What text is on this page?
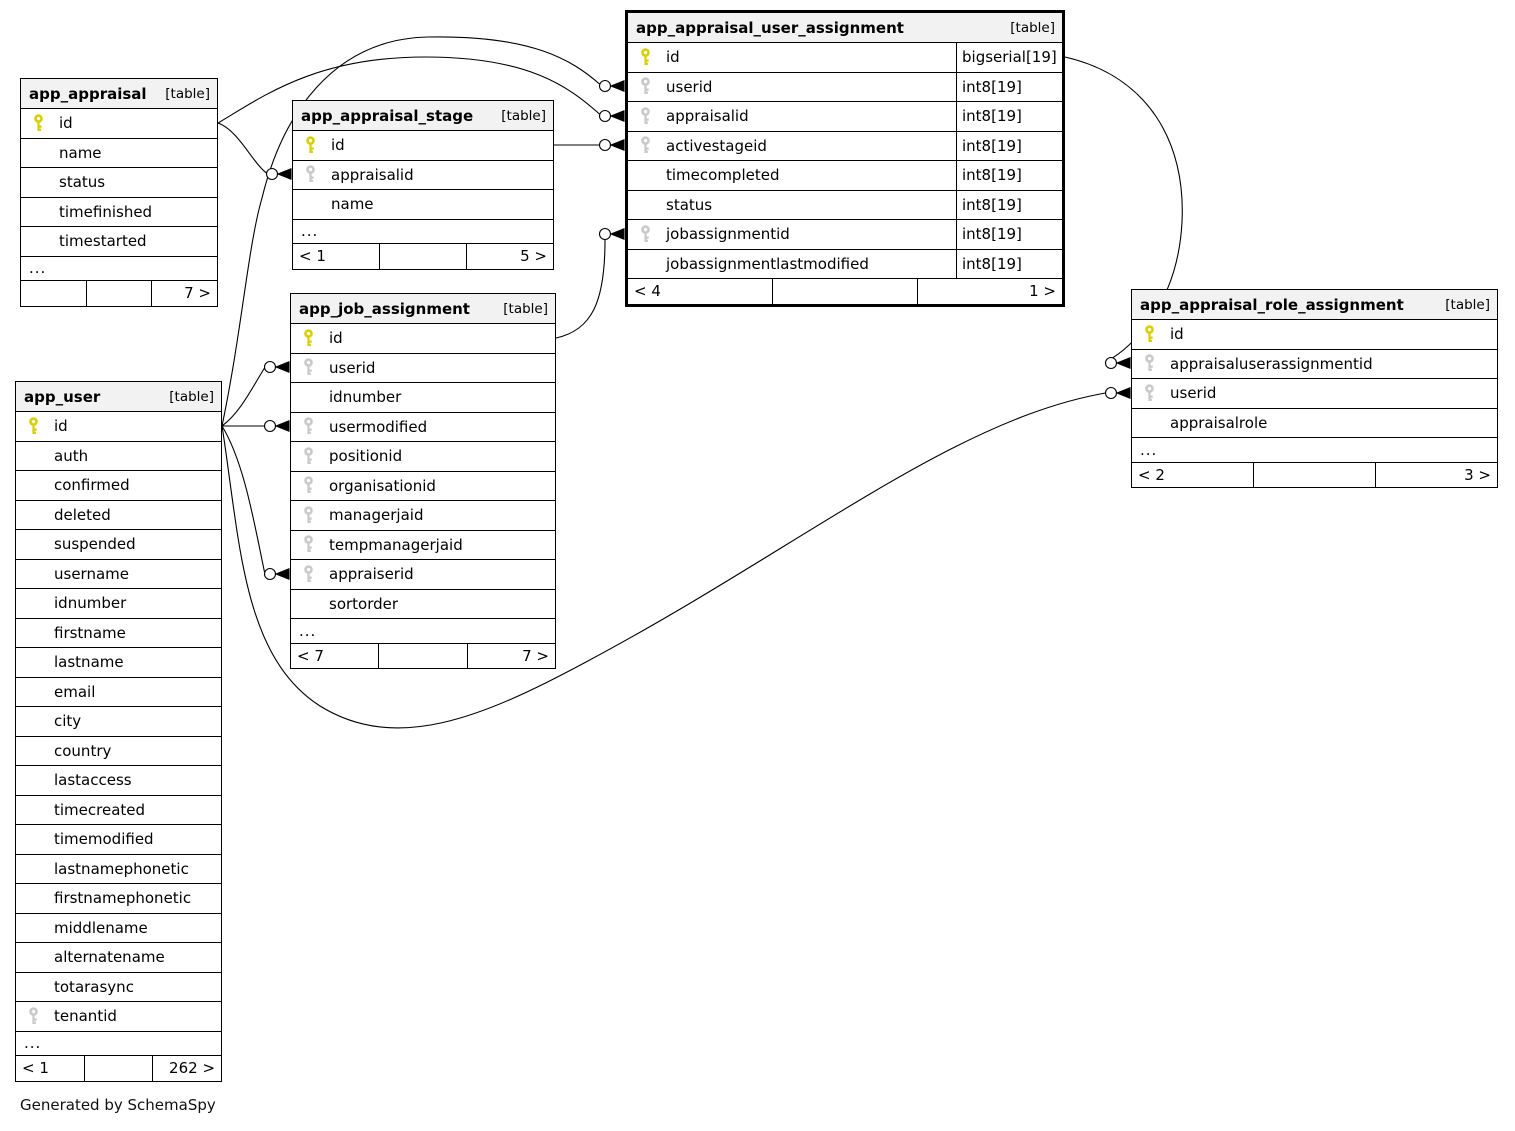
app_appraisal [table]
id
name
status
timefinished
timestarted
...
7 >
app_appraisal_stage [table]
id
appraisalid
name
...
< 1	5 >
app_appraisal_user_assignment	[table]
id	bigserial[19]
userid	int8[19]
appraisalid	int8[19]
activestageid	int8[19]
timecompleted	int8[19]
status	int8[19]
jobassignmentid	int8[19]
jobassignmentlastmodified	int8[19]
< 4	1 >
app_job_assignment [table]
id
userid
idnumber
usermodified
positionid
organisationid
managerjaid
tempmanagerjaid
appraiserid
sortorder
...
< 7	7 >
app_user	[table]
id
auth
confirmed
deleted
suspended
username
idnumber
firstname
lastname
email
city
country
lastaccess
timecreated
timemodified
lastnamephonetic
firstnamephonetic
middlename
alternatename
totarasync
tenantid
...
< 1	262 >
app_appraisal_role_assignment	[table]
id
appraisaluserassignmentid
userid
appraisalrole
...
< 2	3 >
Generated by SchemaSpy
